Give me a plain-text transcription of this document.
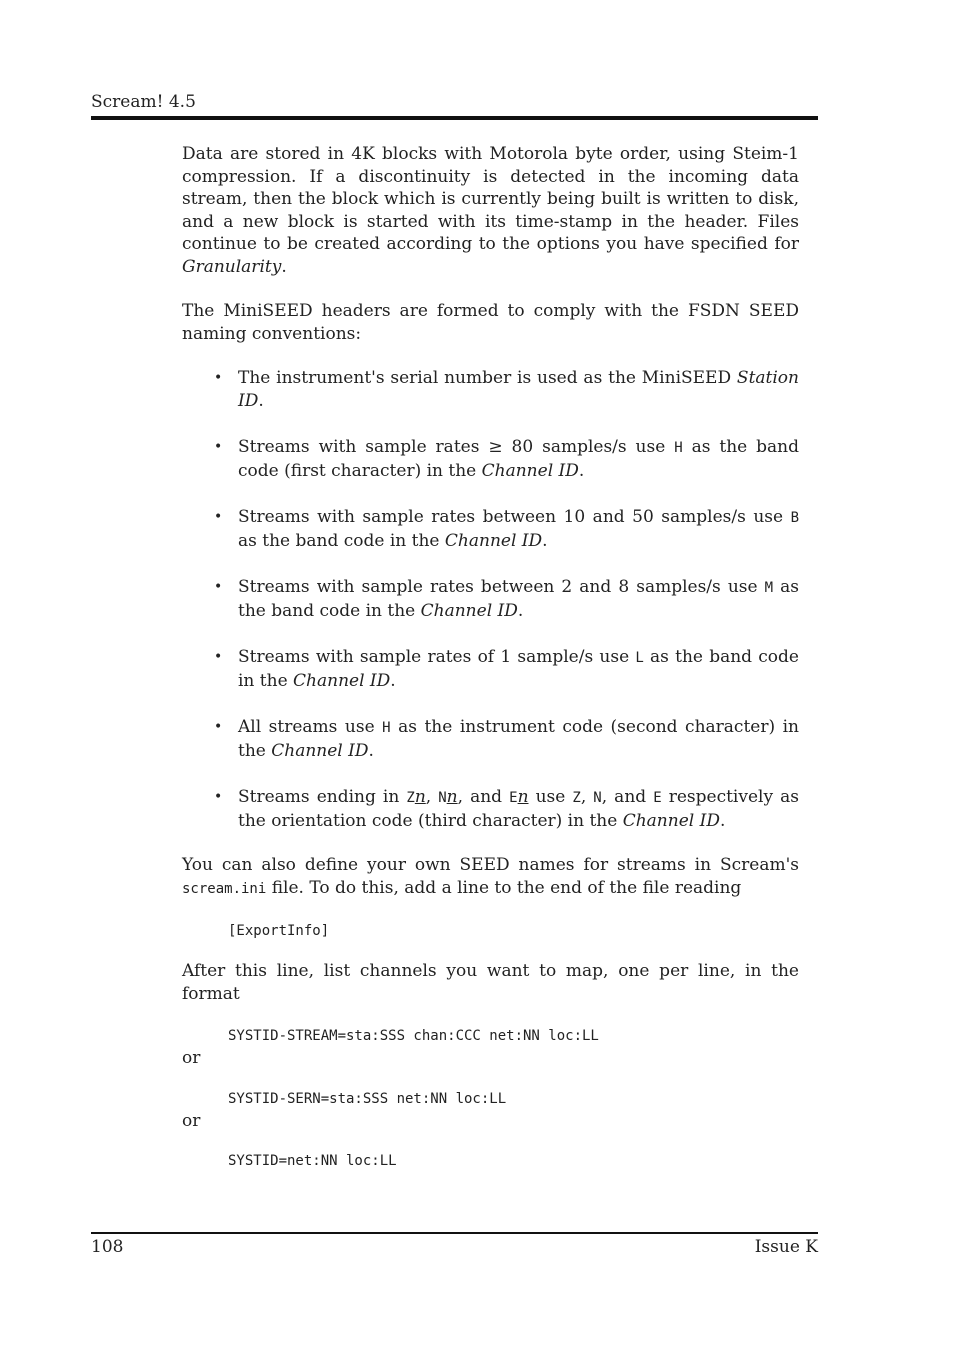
Scream! 4.5

Data are stored in 4K blocks with Motorola byte order, using Steim-1 compression. If a discontinuity is detected in the incoming data stream, then the block which is currently being built is written to disk, and a new block is started with its time-stamp in the header. Files continue to be created according to the options you have specified for Granularity.

The MiniSEED headers are formed to comply with the FSDN SEED naming conventions:

• The instrument's serial number is used as the MiniSEED Station ID.
• Streams with sample rates ≥ 80 samples/s use H as the band code (first character) in the Channel ID.
• Streams with sample rates between 10 and 50 samples/s use B as the band code in the Channel ID.
• Streams with sample rates between 2 and 8 samples/s use M as the band code in the Channel ID.
• Streams with sample rates of 1 sample/s use L as the band code in the Channel ID.
• All streams use H as the instrument code (second character) in the Channel ID.
• Streams ending in Zn, Nn, and En use Z, N, and E respectively as the orientation code (third character) in the Channel ID.

You can also define your own SEED names for streams in Scream's scream.ini file. To do this, add a line to the end of the file reading

[ExportInfo]

After this line, list channels you want to map, one per line, in the format

SYSTID-STREAM=sta:SSS chan:CCC net:NN loc:LL

or

SYSTID-SERN=sta:SSS net:NN loc:LL

or

SYSTID=net:NN loc:LL
108	Issue K
